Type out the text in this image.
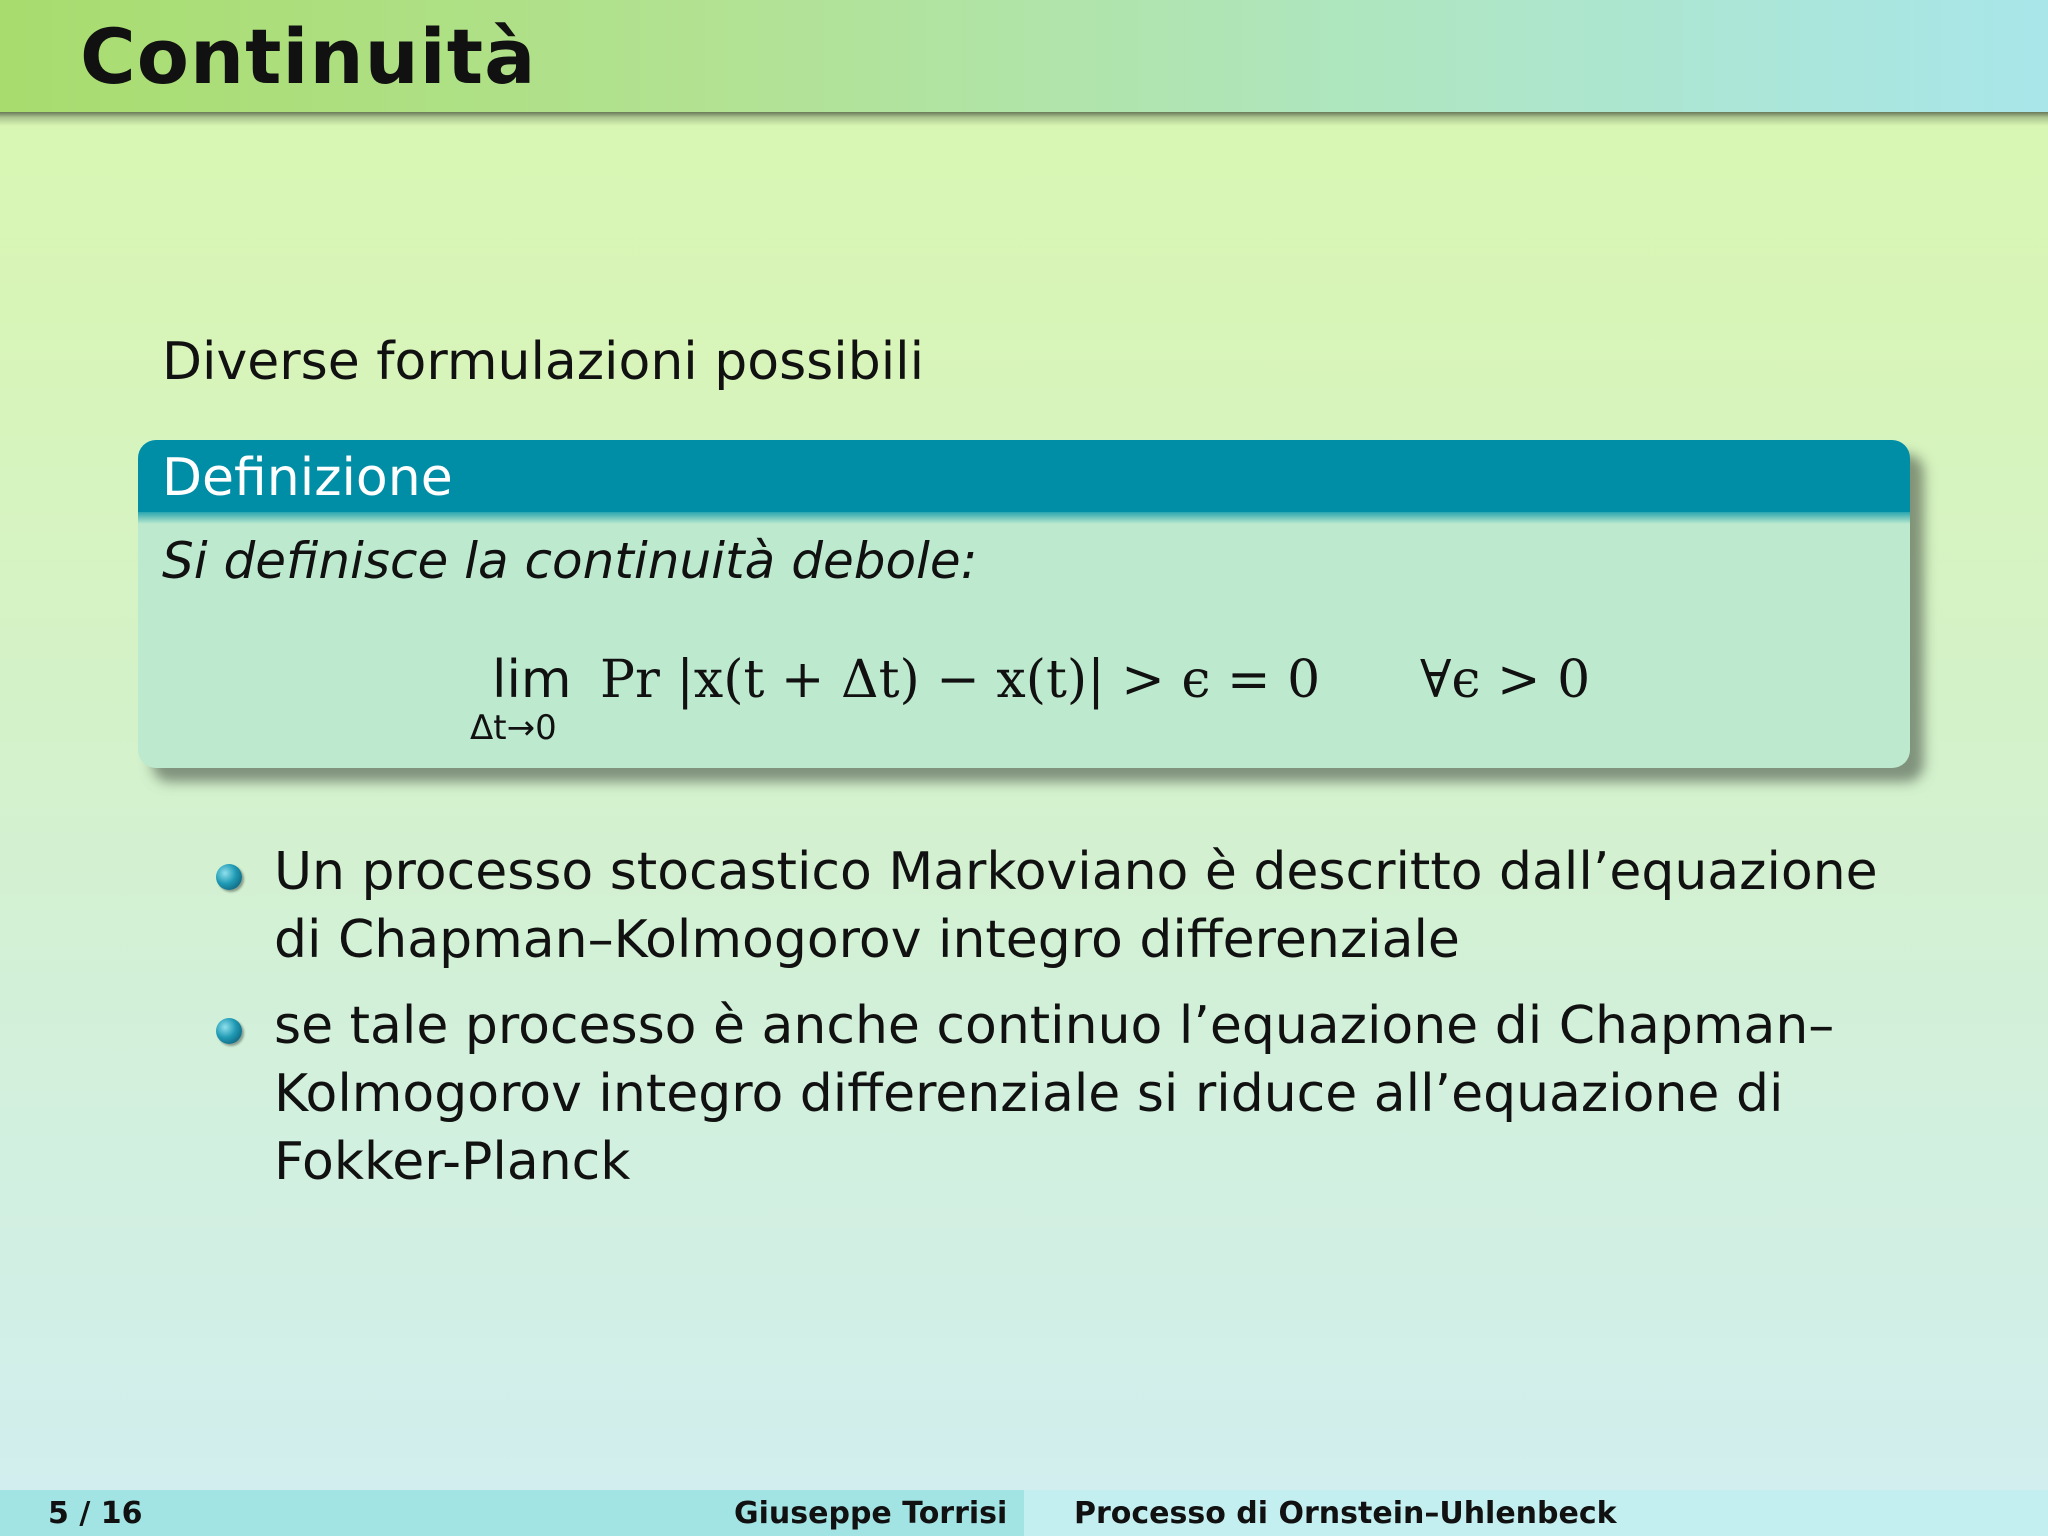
Continuità
Diverse formulazioni possibili
Definizione
Si definisce la continuità debole:
lim
Δt→0
Pr |x(t + Δt) − x(t)| > ϵ = 0 ∀ϵ > 0
Un processo stocastico Markoviano è descritto dall’equazione di Chapman–Kolmogorov integro differenziale
se tale processo è anche continuo l’equazione di Chapman–Kolmogorov integro differenziale si riduce all’equazione di Fokker-Planck
5 / 16	Giuseppe Torrisi Processo di Ornstein–Uhlenbeck
